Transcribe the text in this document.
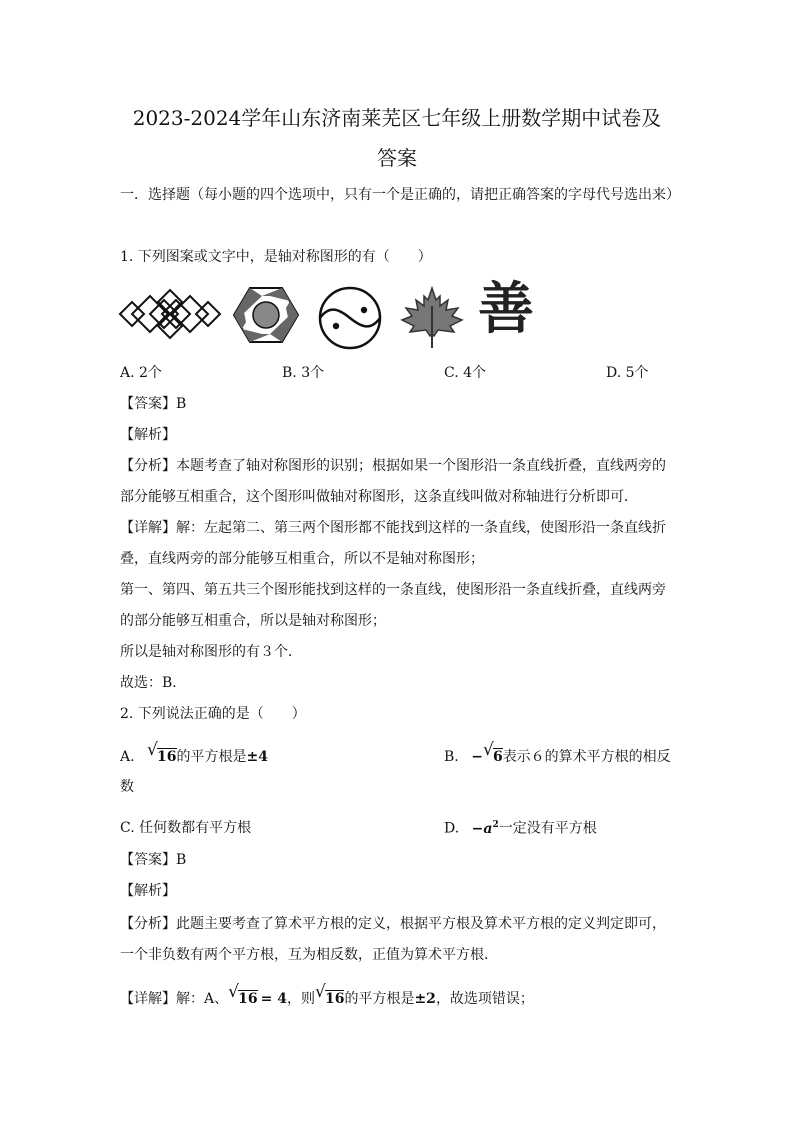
2023-2024学年山东济南莱芜区七年级上册数学期中试卷及
答案
一．选择题（每小题的四个选项中，只有一个是正确的，请把正确答案的字母代号选出来）
1. 下列图案或文字中，是轴对称图形的有（　　）
善
A. 2个	B. 3个	C. 4个	D. 5个
【答案】B
【解析】
【分析】本题考查了轴对称图形的识别；根据如果一个图形沿一条直线折叠，直线两旁的
部分能够互相重合，这个图形叫做轴对称图形，这条直线叫做对称轴进行分析即可．
【详解】解：左起第二、第三两个图形都不能找到这样的一条直线，使图形沿一条直线折
叠，直线两旁的部分能够互相重合，所以不是轴对称图形；
第一、第四、第五共三个图形能找到这样的一条直线，使图形沿一条直线折叠，直线两旁
的部分能够互相重合，所以是轴对称图形；
所以是轴对称图形的有３个．
故选：B．
2. 下列说法正确的是（　　）
A. √ 16的平方根是±4	B. − √ 6表示６的算术平方根的相反
数
C. 任何数都有平方根	D. $-a^2$一定没有平方根
【答案】B
【解析】
【分析】此题主要考查了算术平方根的定义，根据平方根及算术平方根的定义判定即可，
一个非负数有两个平方根，互为相反数，正值为算术平方根．
【详解】解：A、 √ 16 = 4，则 √ 16的平方根是±2，故选项错误；
